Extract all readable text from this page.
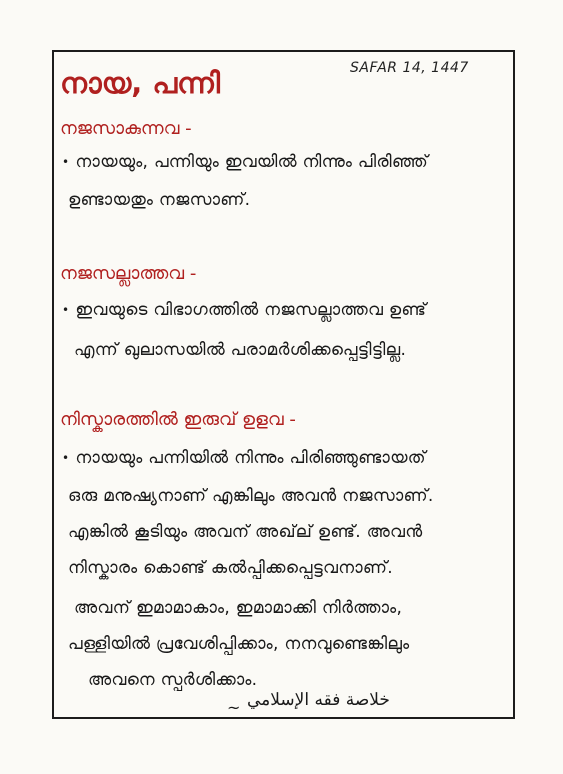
SAFAR 14, 1447
നായ, പന്നി
നജസാകുന്നവ -
• നായയും, പന്നിയും ഇവയിൽ നിന്നും പിരിഞ്ഞ്
ഉണ്ടായതും നജസാണ്.
നജസല്ലാത്തവ -
• ഇവയുടെ വിഭാഗത്തിൽ നജസല്ലാത്തവ ഉണ്ട്
എന്ന് ഖുലാസയിൽ പരാമർശിക്കപ്പെട്ടിട്ടില്ല.
നിസ്കാരത്തിൽ ഇരുവ് ഉളവ -
• നായയും പന്നിയിൽ നിന്നും പിരിഞ്ഞുണ്ടായത്
ഒരു മനുഷ്യനാണ് എങ്കിലും അവൻ നജസാണ്.
എങ്കിൽ കൂടിയും അവന് അഖ്‌ല് ഉണ്ട്. അവൻ
നിസ്കാരം കൊണ്ട് കൽപ്പിക്കപ്പെട്ടവനാണ്.
അവന് ഇമാമാകാം, ഇമാമാക്കി നിർത്താം,
പള്ളിയിൽ പ്രവേശിപ്പിക്കാം, നനവുണ്ടെങ്കിലും
അവനെ സ്പർശിക്കാം.
~ خلاصة فقه الإسلامي
